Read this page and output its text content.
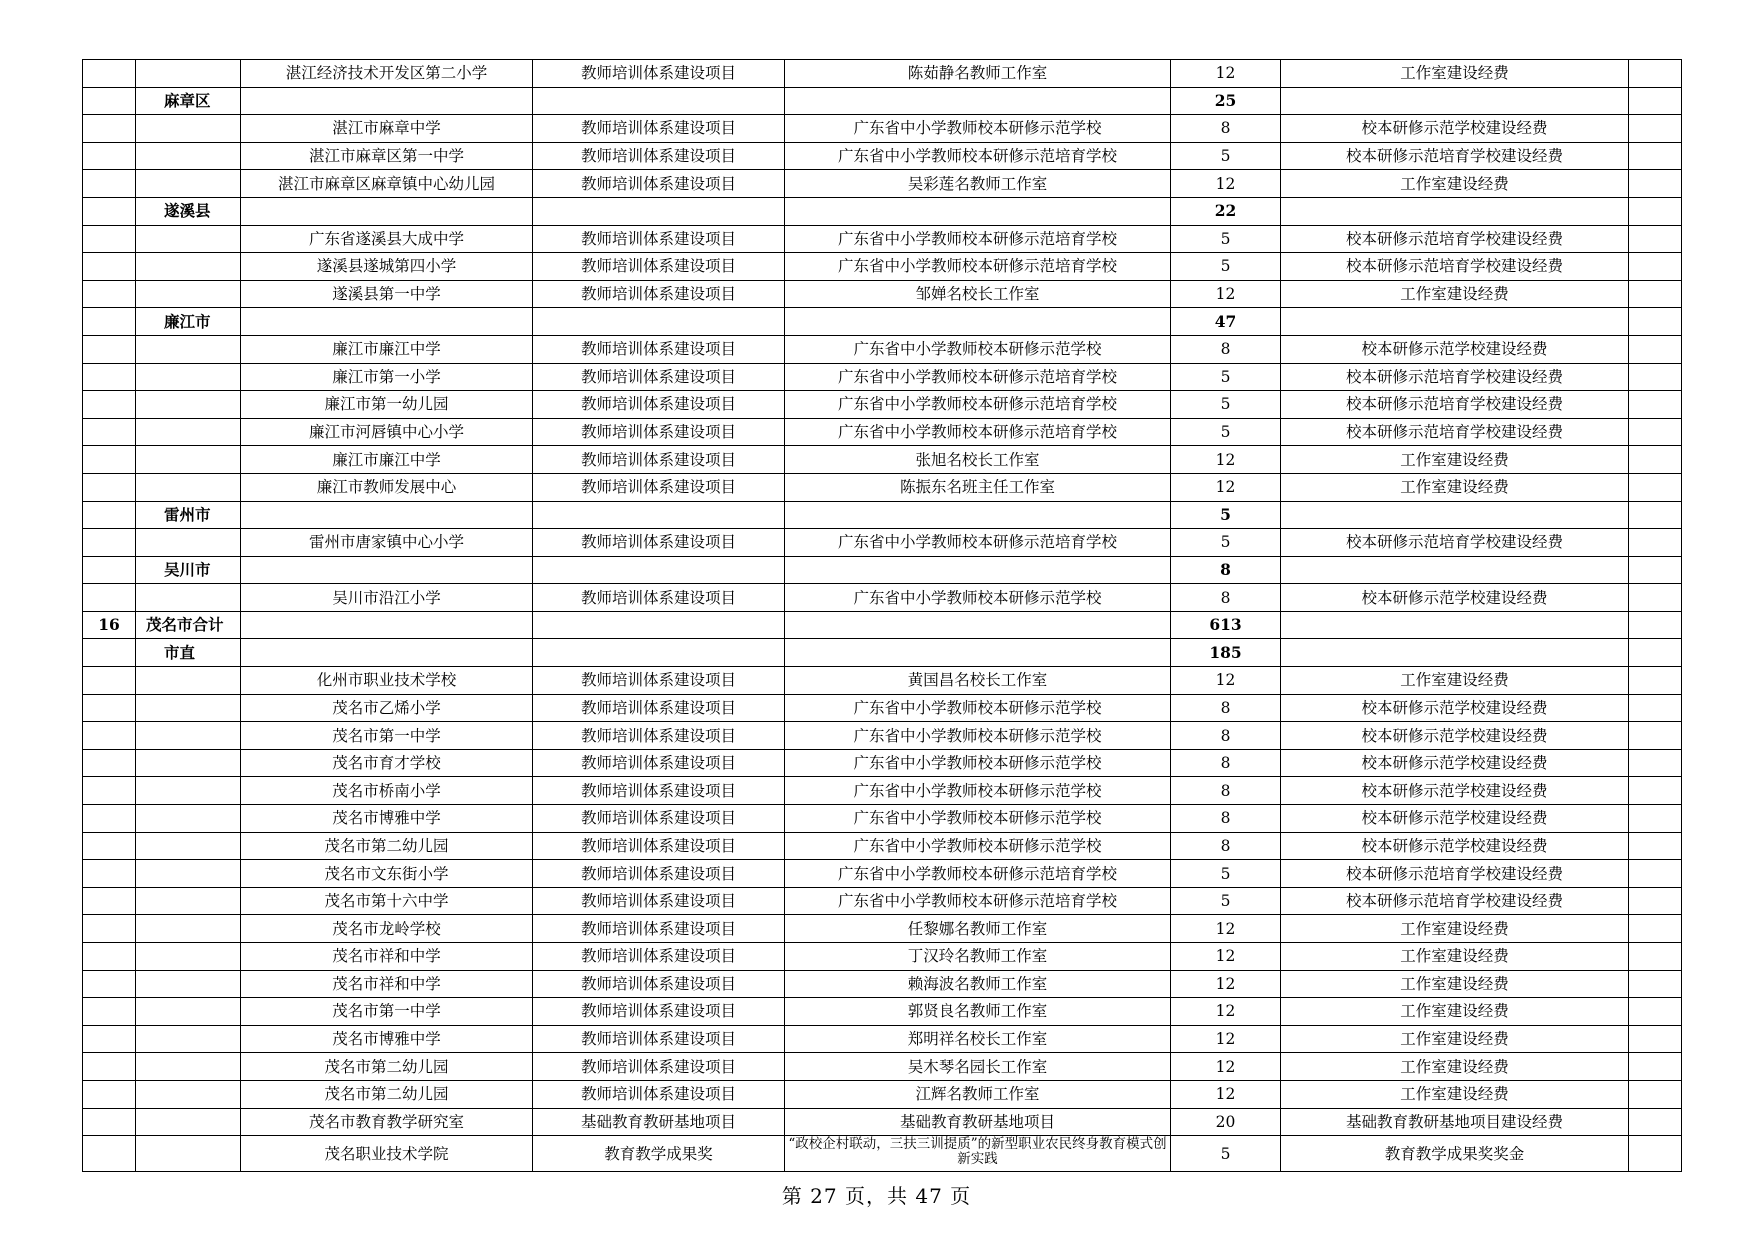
		湛江经济技术开发区第二小学	教师培训体系建设项目	陈茹静名教师工作室	12	工作室建设经费	
	麻章区				25		
		湛江市麻章中学	教师培训体系建设项目	广东省中小学教师校本研修示范学校	8	校本研修示范学校建设经费	
		湛江市麻章区第一中学	教师培训体系建设项目	广东省中小学教师校本研修示范培育学校	5	校本研修示范培育学校建设经费	
		湛江市麻章区麻章镇中心幼儿园	教师培训体系建设项目	吴彩莲名教师工作室	12	工作室建设经费	
	遂溪县				22		
		广东省遂溪县大成中学	教师培训体系建设项目	广东省中小学教师校本研修示范培育学校	5	校本研修示范培育学校建设经费	
		遂溪县遂城第四小学	教师培训体系建设项目	广东省中小学教师校本研修示范培育学校	5	校本研修示范培育学校建设经费	
		遂溪县第一中学	教师培训体系建设项目	邹婵名校长工作室	12	工作室建设经费	
	廉江市				47		
		廉江市廉江中学	教师培训体系建设项目	广东省中小学教师校本研修示范学校	8	校本研修示范学校建设经费	
		廉江市第一小学	教师培训体系建设项目	广东省中小学教师校本研修示范培育学校	5	校本研修示范培育学校建设经费	
		廉江市第一幼儿园	教师培训体系建设项目	广东省中小学教师校本研修示范培育学校	5	校本研修示范培育学校建设经费	
		廉江市河唇镇中心小学	教师培训体系建设项目	广东省中小学教师校本研修示范培育学校	5	校本研修示范培育学校建设经费	
		廉江市廉江中学	教师培训体系建设项目	张旭名校长工作室	12	工作室建设经费	
		廉江市教师发展中心	教师培训体系建设项目	陈振东名班主任工作室	12	工作室建设经费	
	雷州市				5		
		雷州市唐家镇中心小学	教师培训体系建设项目	广东省中小学教师校本研修示范培育学校	5	校本研修示范培育学校建设经费	
	吴川市				8		
		吴川市沿江小学	教师培训体系建设项目	广东省中小学教师校本研修示范学校	8	校本研修示范学校建设经费	
16	茂名市合计				613		
	市直				185		
		化州市职业技术学校	教师培训体系建设项目	黄国昌名校长工作室	12	工作室建设经费	
		茂名市乙烯小学	教师培训体系建设项目	广东省中小学教师校本研修示范学校	8	校本研修示范学校建设经费	
		茂名市第一中学	教师培训体系建设项目	广东省中小学教师校本研修示范学校	8	校本研修示范学校建设经费	
		茂名市育才学校	教师培训体系建设项目	广东省中小学教师校本研修示范学校	8	校本研修示范学校建设经费	
		茂名市桥南小学	教师培训体系建设项目	广东省中小学教师校本研修示范学校	8	校本研修示范学校建设经费	
		茂名市博雅中学	教师培训体系建设项目	广东省中小学教师校本研修示范学校	8	校本研修示范学校建设经费	
		茂名市第二幼儿园	教师培训体系建设项目	广东省中小学教师校本研修示范学校	8	校本研修示范学校建设经费	
		茂名市文东街小学	教师培训体系建设项目	广东省中小学教师校本研修示范培育学校	5	校本研修示范培育学校建设经费	
		茂名市第十六中学	教师培训体系建设项目	广东省中小学教师校本研修示范培育学校	5	校本研修示范培育学校建设经费	
		茂名市龙岭学校	教师培训体系建设项目	任黎娜名教师工作室	12	工作室建设经费	
		茂名市祥和中学	教师培训体系建设项目	丁汉玲名教师工作室	12	工作室建设经费	
		茂名市祥和中学	教师培训体系建设项目	赖海波名教师工作室	12	工作室建设经费	
		茂名市第一中学	教师培训体系建设项目	郭贤良名教师工作室	12	工作室建设经费	
		茂名市博雅中学	教师培训体系建设项目	郑明祥名校长工作室	12	工作室建设经费	
		茂名市第二幼儿园	教师培训体系建设项目	吴木琴名园长工作室	12	工作室建设经费	
		茂名市第二幼儿园	教师培训体系建设项目	江辉名教师工作室	12	工作室建设经费	
		茂名市教育教学研究室	基础教育教研基地项目	基础教育教研基地项目	20	基础教育教研基地项目建设经费	
		茂名职业技术学院	教育教学成果奖	“政校企村联动，三扶三训提质”的新型职业农民终身教育模式创新实践	5	教育教学成果奖奖金	
第 27 页，共 47 页
